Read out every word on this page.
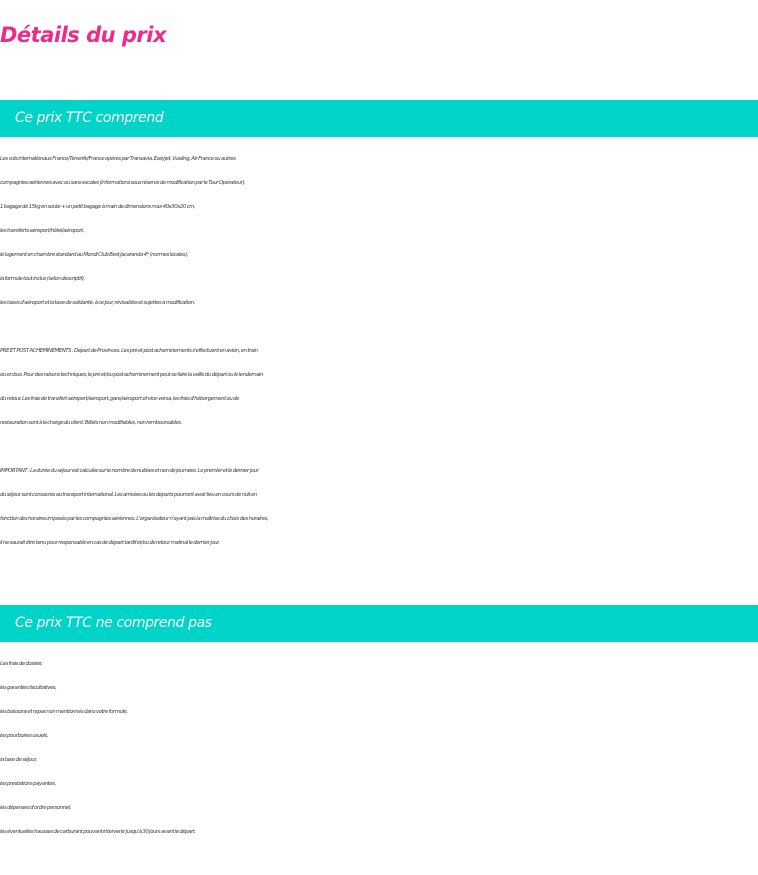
Détails du prix
Ce prix TTC comprend
Les vols internationaux France/Tenerife/France opérés par Transavia, Easyjet, Vueling, Air France ou autres
compagnies aériennes avec ou sans escales (informations sous réserve de modification par le Tour Opérateur),
1 bagage de 15kg en soute + un petit bagage à main de dimensions max 40x30x20 cm,
les transferts aéroport/hôtel/aéroport,
le logement en chambre standard au Mondi Club Best Jacaranda 4* (normes locales),
la formule tout inclus (selon descriptif),
les taxes d'aéroport et la taxe de solidarité, à ce jour, révisables et sujettes à modification.
PRE ET POST ACHEMINEMENTS : Départ de Provinces. Les pré et post acheminements s'effectuent en avion, en train
ou en bus. Pour des raisons techniques, le pré et/ou post acheminement peut se faire la veille du départ ou le lendemain
du retour. Les frais de transfert aéroport/aéroport, gare/aéroport et vice-versa, les frais d'hébergement ou de
restauration sont à la charge du client. Billets non modifiables, non remboursables.
IMPORTANT : La durée du séjour est calculée sur le nombre de nuitées et non de journées. Le premier et le dernier jour
du séjour sont consacrés au transport international. Les arrivées ou les départs pourront avoir lieu en cours de nuit en
fonction des horaires imposés par les compagnies aériennes. L'organisateur n'ayant pas la maîtrise du choix des horaires,
il ne saurait être tenu pour responsable en cas de départ tardif et/ou de retour matinal le dernier jour.
Ce prix TTC ne comprend pas
Les frais de dossier,
les garanties facultatives,
les boissons et repas non mentionnés dans votre formule,
les pourboires usuels,
la taxe de séjour,
les prestations payantes,
les dépenses d'ordre personnel,
les éventuelles hausses de carburant pouvant intervenir jusqu'à 30 jours avant le départ.
